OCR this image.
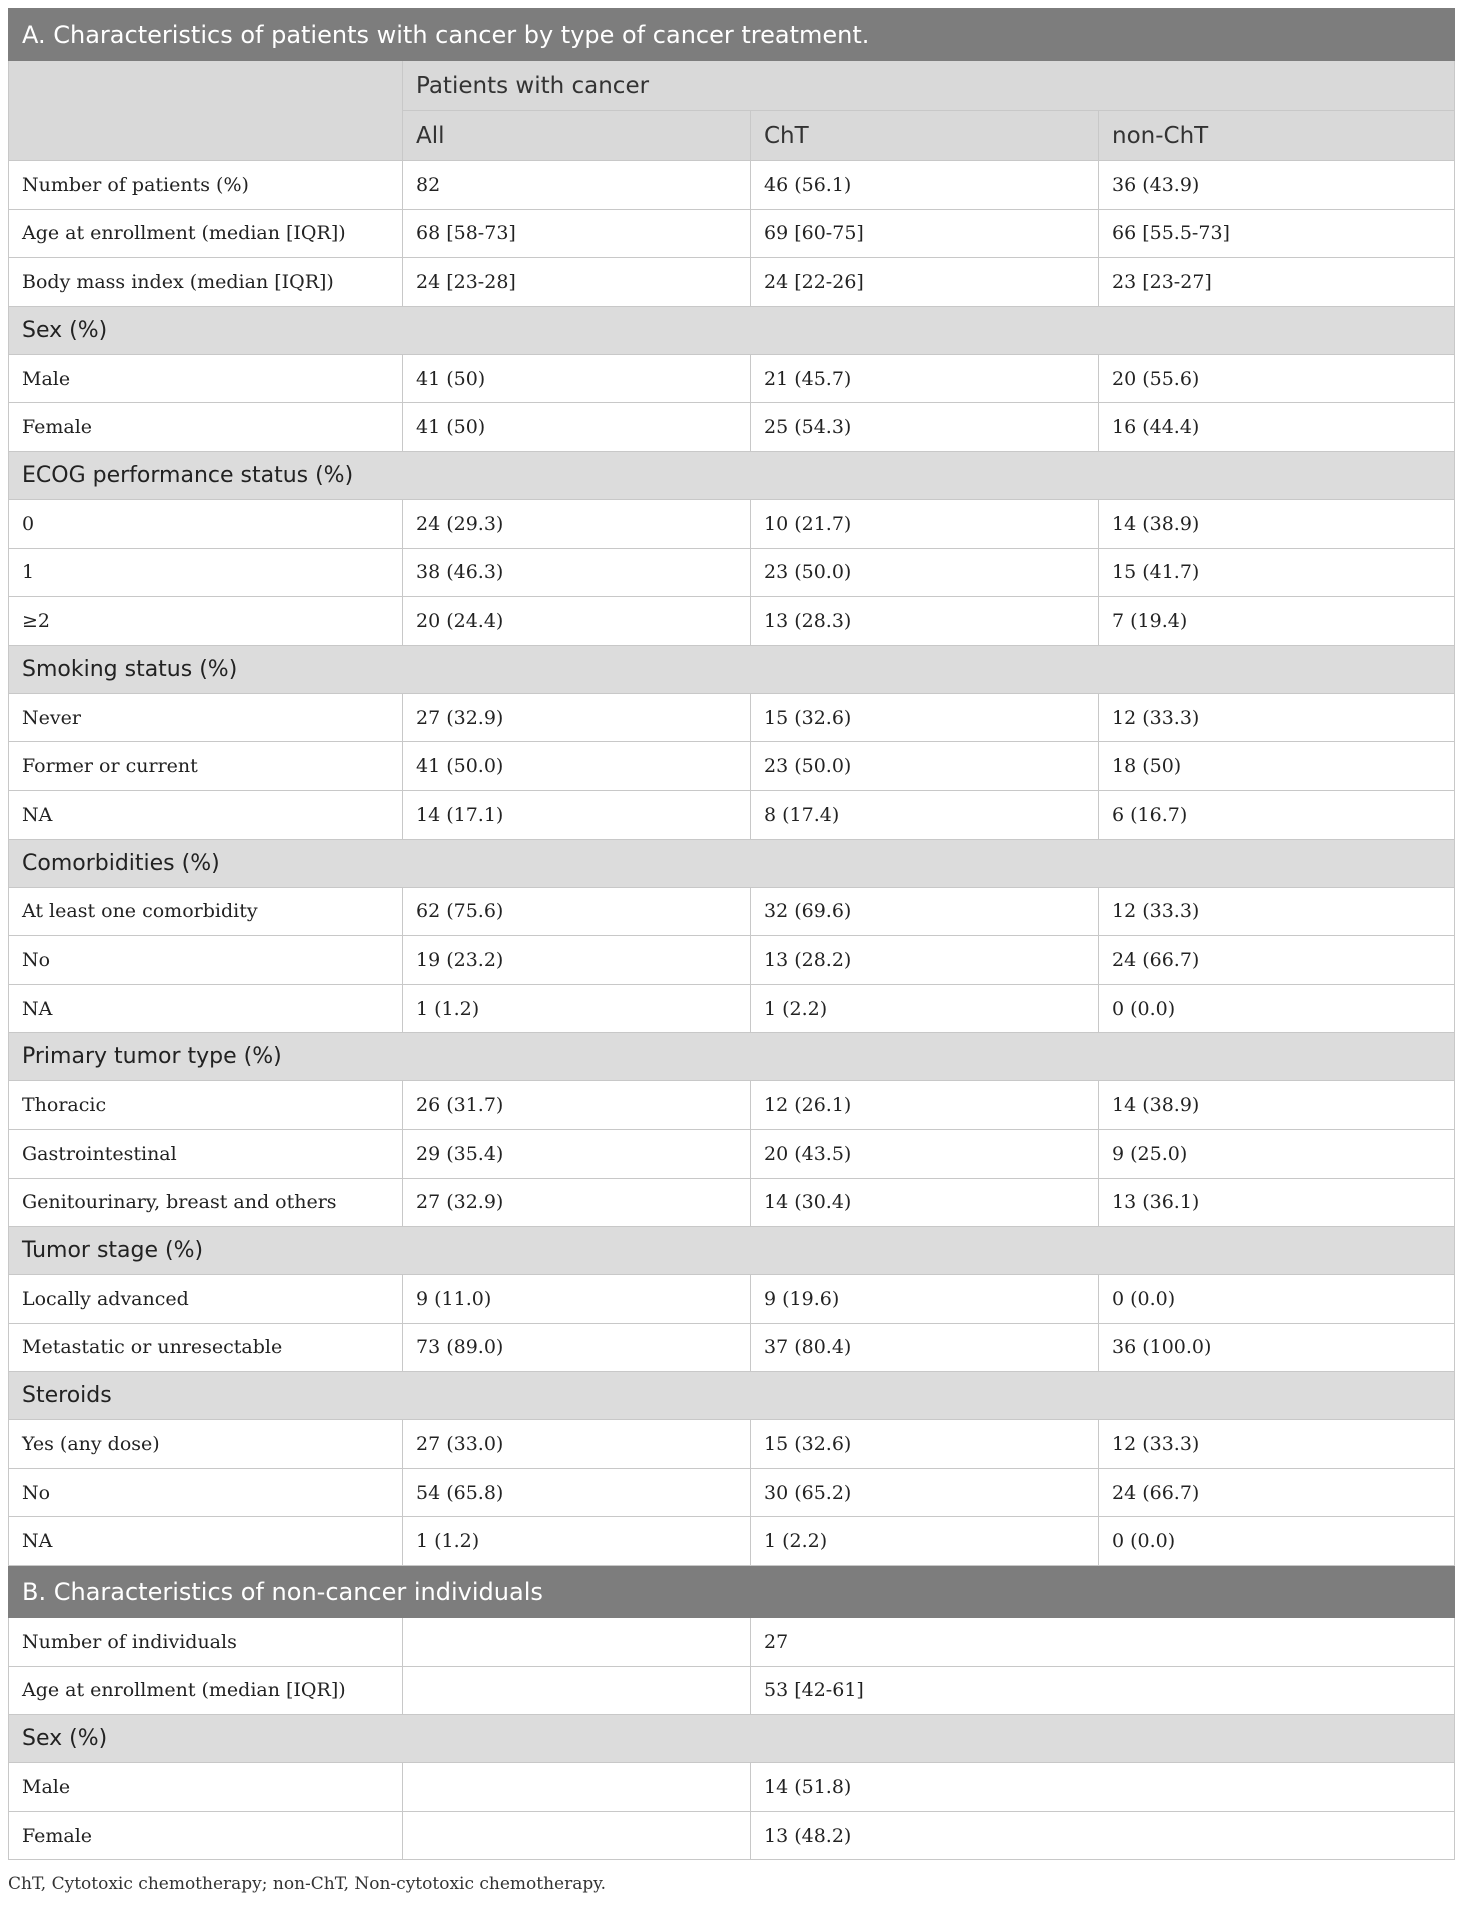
A. Characteristics of patients with cancer by type of cancer treatment.			
	Patients with cancer		
	All	ChT	non-ChT
Number of patients (%)	82	46 (56.1)	36 (43.9)
Age at enrollment (median [IQR])	68 [58-73]	69 [60-75]	66 [55.5-73]
Body mass index (median [IQR])	24 [23-28]	24 [22-26]	23 [23-27]
Sex (%)			
Male	41 (50)	21 (45.7)	20 (55.6)
Female	41 (50)	25 (54.3)	16 (44.4)
ECOG performance status (%)			
0	24 (29.3)	10 (21.7)	14 (38.9)
1	38 (46.3)	23 (50.0)	15 (41.7)
≥2	20 (24.4)	13 (28.3)	7 (19.4)
Smoking status (%)			
Never	27 (32.9)	15 (32.6)	12 (33.3)
Former or current	41 (50.0)	23 (50.0)	18 (50)
NA	14 (17.1)	8 (17.4)	6 (16.7)
Comorbidities (%)			
At least one comorbidity	62 (75.6)	32 (69.6)	12 (33.3)
No	19 (23.2)	13 (28.2)	24 (66.7)
NA	1 (1.2)	1 (2.2)	0 (0.0)
Primary tumor type (%)			
Thoracic	26 (31.7)	12 (26.1)	14 (38.9)
Gastrointestinal	29 (35.4)	20 (43.5)	9 (25.0)
Genitourinary, breast and others	27 (32.9)	14 (30.4)	13 (36.1)
Tumor stage (%)			
Locally advanced	9 (11.0)	9 (19.6)	0 (0.0)
Metastatic or unresectable	73 (89.0)	37 (80.4)	36 (100.0)
Steroids			
Yes (any dose)	27 (33.0)	15 (32.6)	12 (33.3)
No	54 (65.8)	30 (65.2)	24 (66.7)
NA	1 (1.2)	1 (2.2)	0 (0.0)
B. Characteristics of non-cancer individuals			
Number of individuals		27	
Age at enrollment (median [IQR])		53 [42-61]	
Sex (%)			
Male		14 (51.8)	
Female		13 (48.2)	
ChT, Cytotoxic chemotherapy; non-ChT, Non-cytotoxic chemotherapy.
